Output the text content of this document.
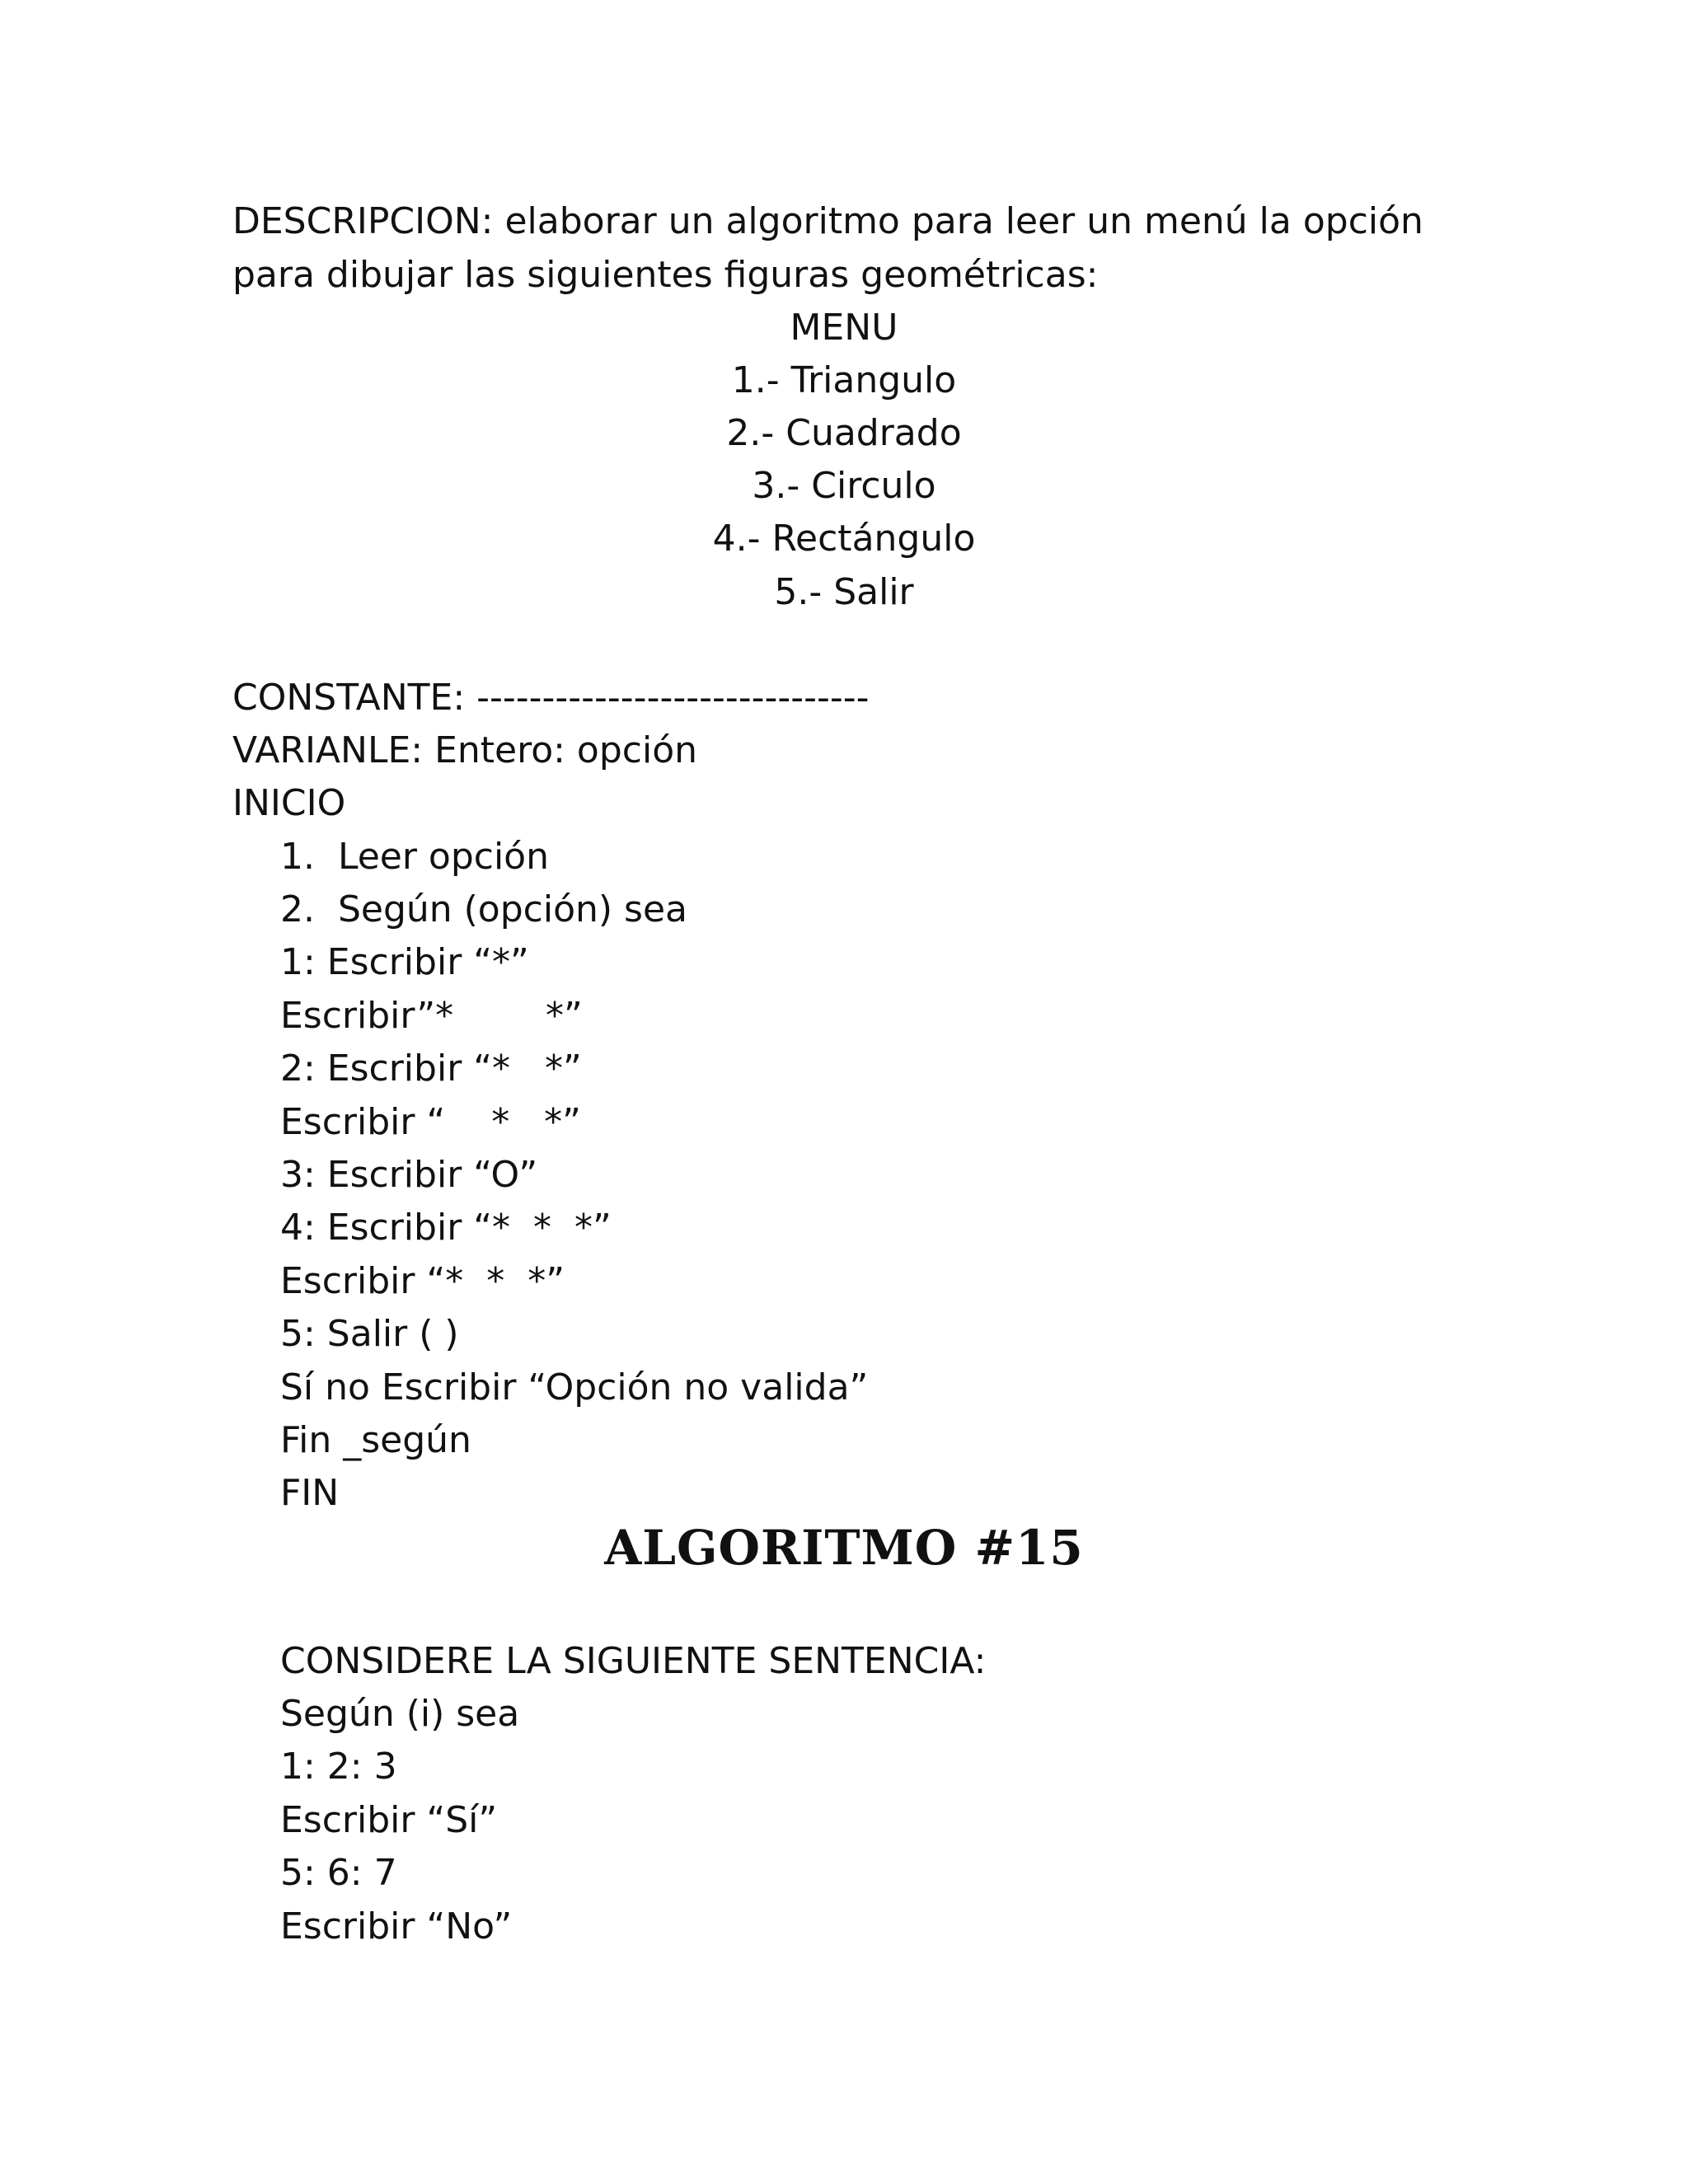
DESCRIPCION: elaborar un algoritmo para leer un menú la opción
para dibujar las siguientes figuras geométricas:
MENU
1.- Triangulo
2.- Cuadrado
3.- Circulo
4.- Rectángulo
5.- Salir
CONSTANTE: ------------------------------
VARIANLE: Entero: opción
INICIO
1.  Leer opción
2.  Según (opción) sea
1: Escribir “*”
Escribir”*        *”
2: Escribir “*   *”
Escribir “    *   *”
3: Escribir “O”
4: Escribir “*  *  *”
Escribir “*  *  *”
5: Salir ( )
Sí no Escribir “Opción no valida”
Fin _según
FIN
ALGORITMO #15
CONSIDERE LA SIGUIENTE SENTENCIA:
Según (i) sea
1: 2: 3
Escribir “Sí”
5: 6: 7
Escribir “No”
